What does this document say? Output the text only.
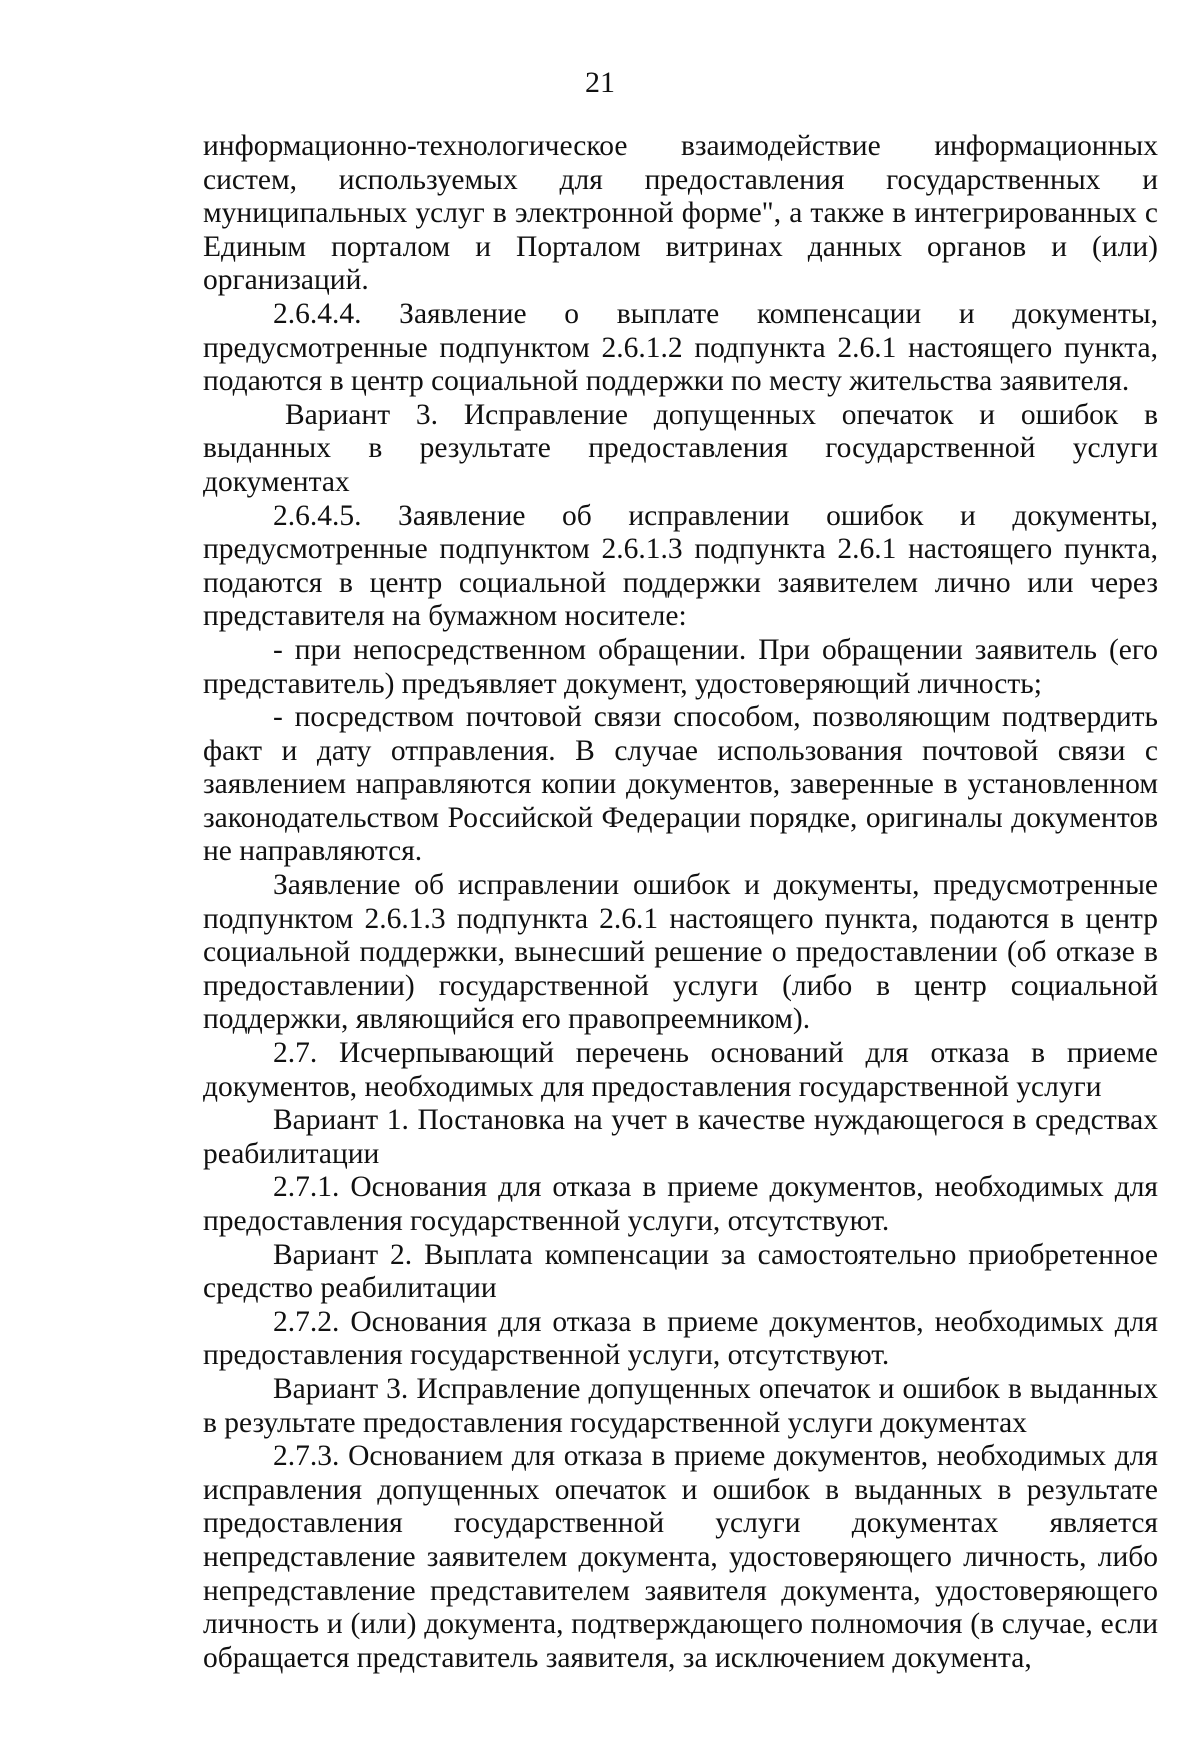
21

информационно-технологическое взаимодействие информационных систем, используемых для предоставления государственных и муниципальных услуг в электронной форме", а также в интегрированных с Единым порталом и Порталом витринах данных органов и (или) организаций.

2.6.4.4. Заявление о выплате компенсации и документы, предусмотренные подпунктом 2.6.1.2 подпункта 2.6.1 настоящего пункта, подаются в центр социальной поддержки по месту жительства заявителя.

Вариант 3. Исправление допущенных опечаток и ошибок в выданных в результате предоставления государственной услуги документах

2.6.4.5. Заявление об исправлении ошибок и документы, предусмотренные подпунктом 2.6.1.3 подпункта 2.6.1 настоящего пункта, подаются в центр социальной поддержки заявителем лично или через представителя на бумажном носителе:

- при непосредственном обращении. При обращении заявитель (его представитель) предъявляет документ, удостоверяющий личность;

- посредством почтовой связи способом, позволяющим подтвердить факт и дату отправления. В случае использования почтовой связи с заявлением направляются копии документов, заверенные в установленном законодательством Российской Федерации порядке, оригиналы документов не направляются.

Заявление об исправлении ошибок и документы, предусмотренные подпунктом 2.6.1.3 подпункта 2.6.1 настоящего пункта, подаются в центр социальной поддержки, вынесший решение о предоставлении (об отказе в предоставлении) государственной услуги (либо в центр социальной поддержки, являющийся его правопреемником).

2.7. Исчерпывающий перечень оснований для отказа в приеме документов, необходимых для предоставления государственной услуги

Вариант 1. Постановка на учет в качестве нуждающегося в средствах реабилитации

2.7.1. Основания для отказа в приеме документов, необходимых для предоставления государственной услуги, отсутствуют.

Вариант 2. Выплата компенсации за самостоятельно приобретенное средство реабилитации

2.7.2. Основания для отказа в приеме документов, необходимых для предоставления государственной услуги, отсутствуют.

Вариант 3. Исправление допущенных опечаток и ошибок в выданных в результате предоставления государственной услуги документах

2.7.3. Основанием для отказа в приеме документов, необходимых для исправления допущенных опечаток и ошибок в выданных в результате предоставления государственной услуги документах является непредставление заявителем документа, удостоверяющего личность, либо непредставление представителем заявителя документа, удостоверяющего личность и (или) документа, подтверждающего полномочия (в случае, если обращается представитель заявителя, за исключением документа,
